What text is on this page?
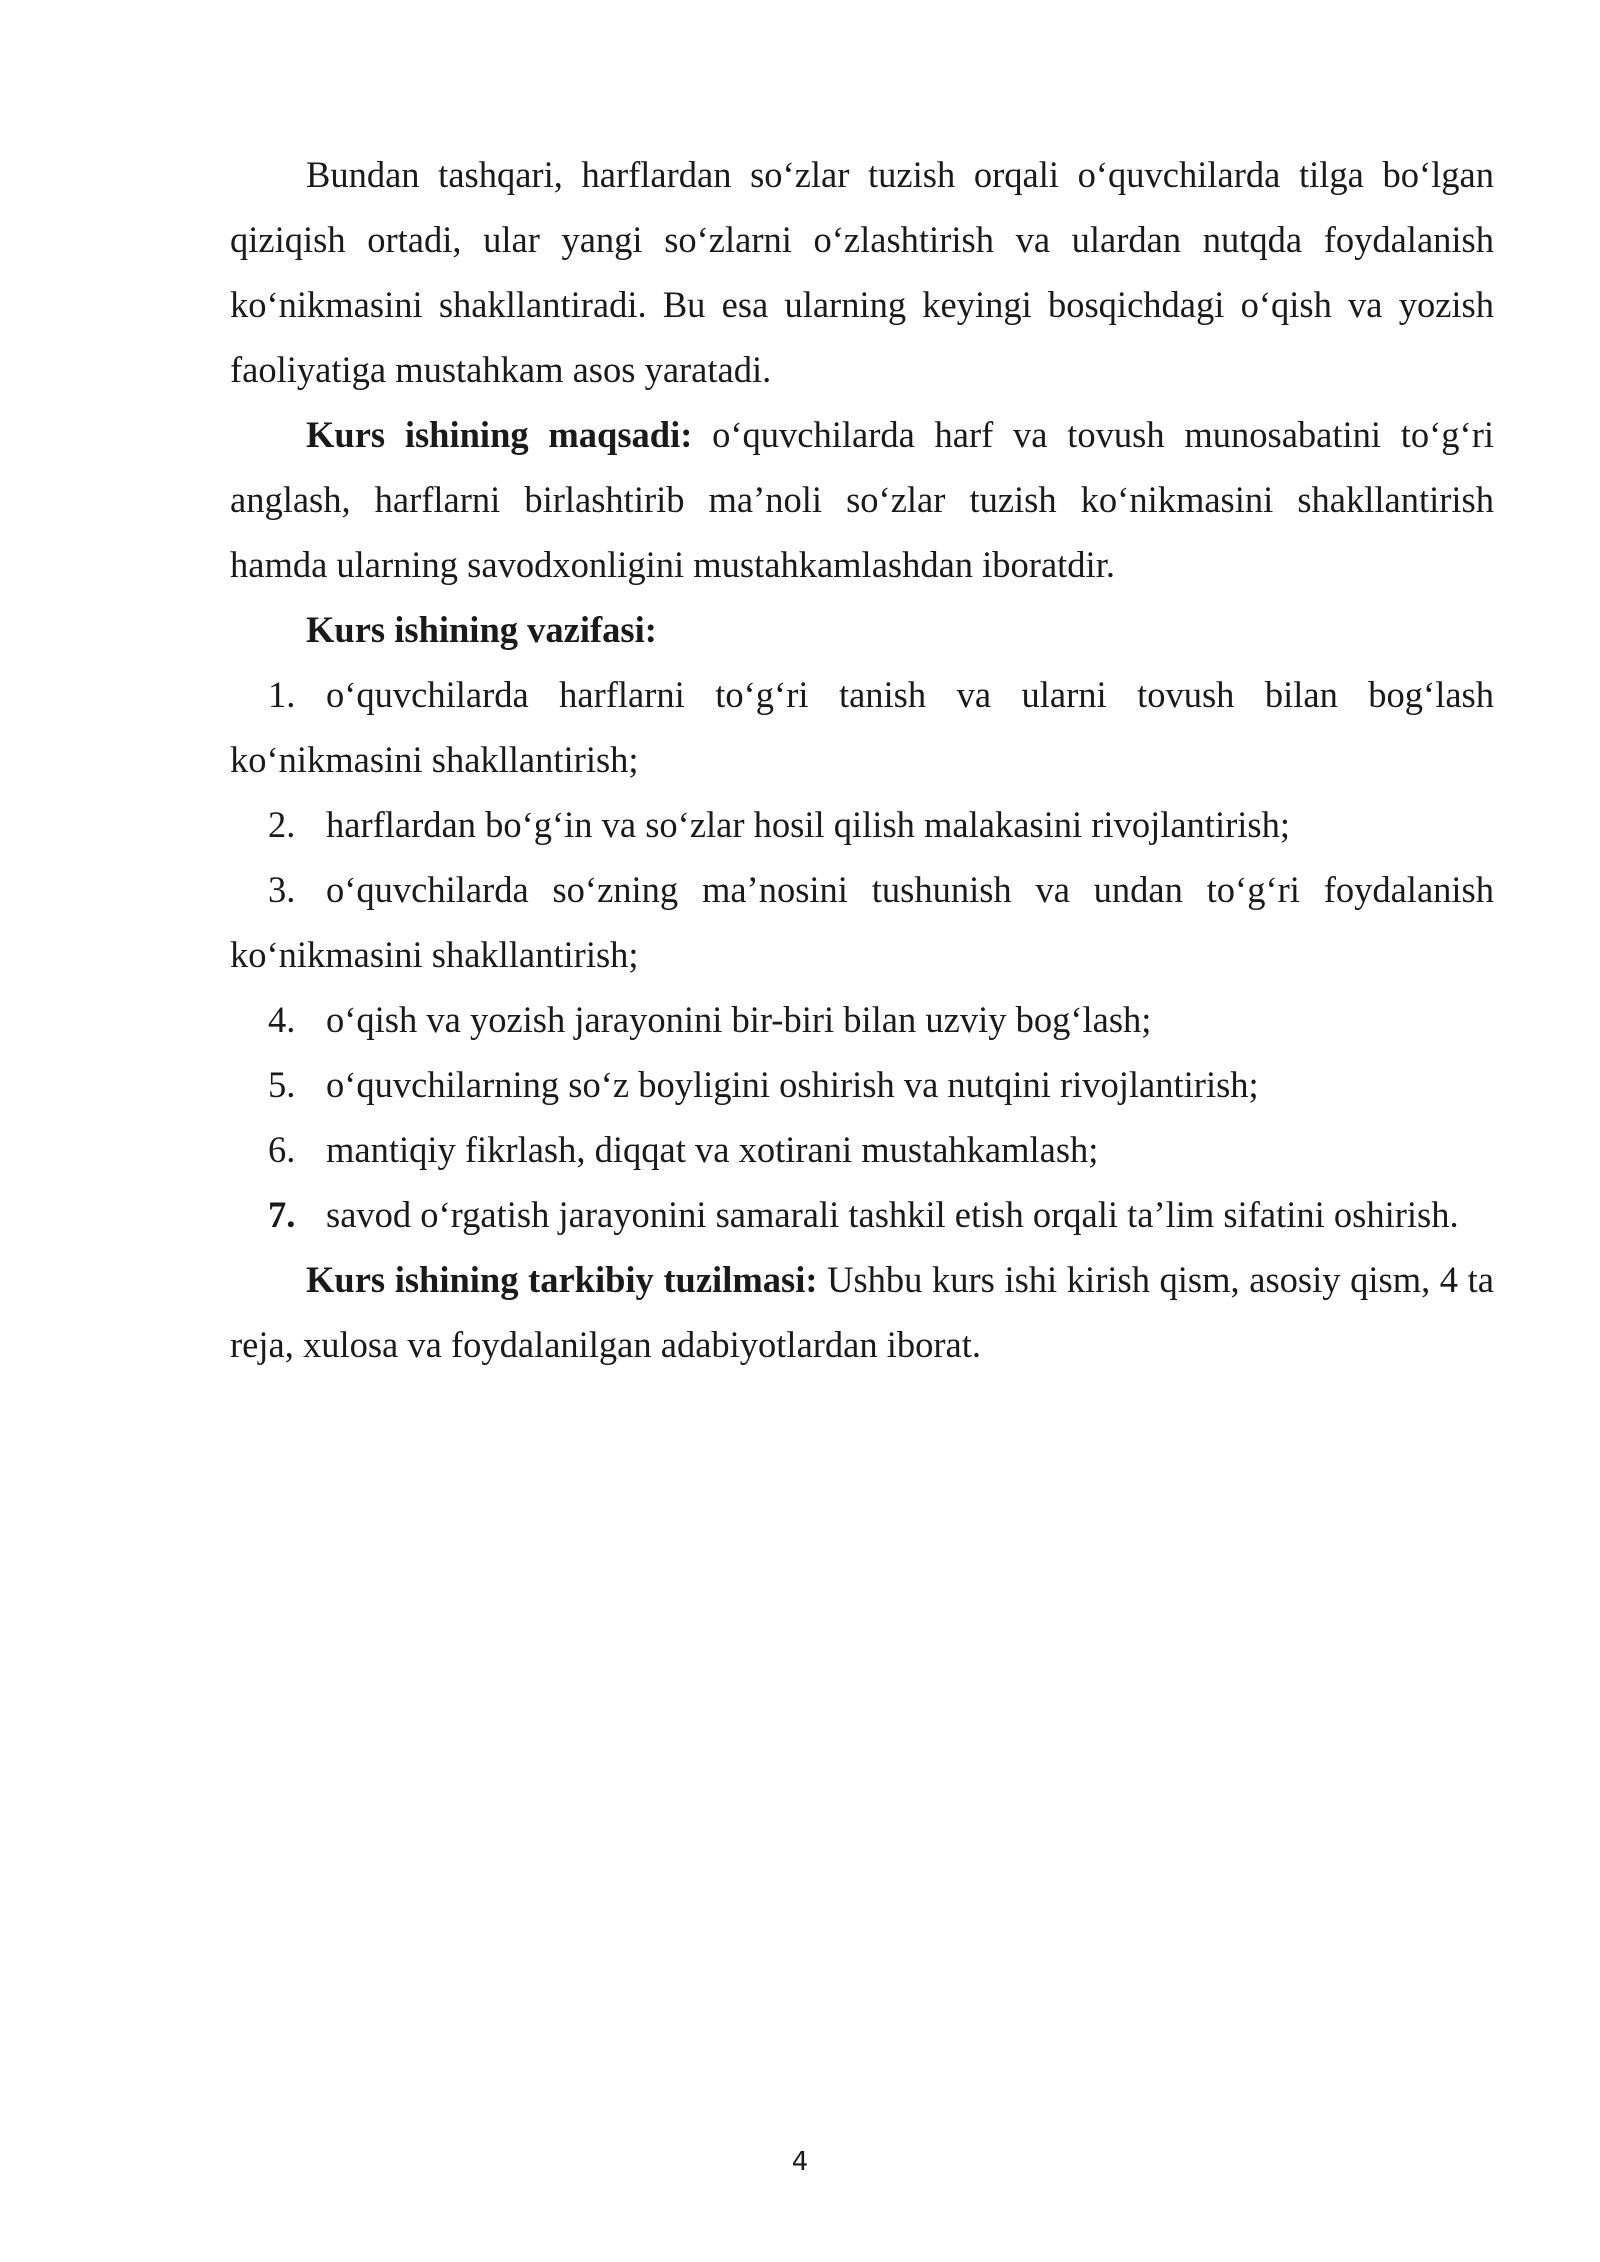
Bundan tashqari, harflardan so‘zlar tuzish orqali o‘quvchilarda tilga bo‘lgan qiziqish ortadi, ular yangi so‘zlarni o‘zlashtirish va ulardan nutqda foydalanish ko‘nikmasini shakllantiradi. Bu esa ularning keyingi bosqichdagi o‘qish va yozish faoliyatiga mustahkam asos yaratadi.

Kurs ishining maqsadi: o‘quvchilarda harf va tovush munosabatini to‘g‘ri anglash, harflarni birlashtirib ma’noli so‘zlar tuzish ko‘nikmasini shakllantirish hamda ularning savodxonligini mustahkamlashdan iboratdir.

Kurs ishining vazifasi:

1. o‘quvchilarda harflarni to‘g‘ri tanish va ularni tovush bilan bog‘lash ko‘nikmasini shakllantirish;
2. harflardan bo‘g‘in va so‘zlar hosil qilish malakasini rivojlantirish;
3. o‘quvchilarda so‘zning ma’nosini tushunish va undan to‘g‘ri foydalanish ko‘nikmasini shakllantirish;
4. o‘qish va yozish jarayonini bir-biri bilan uzviy bog‘lash;
5. o‘quvchilarning so‘z boyligini oshirish va nutqini rivojlantirish;
6. mantiqiy fikrlash, diqqat va xotirani mustahkamlash;
7. savod o‘rgatish jarayonini samarali tashkil etish orqali ta’lim sifatini oshirish.

Kurs ishining tarkibiy tuzilmasi: Ushbu kurs ishi kirish qism, asosiy qism, 4 ta reja, xulosa va foydalanilgan adabiyotlardan iborat.

4
